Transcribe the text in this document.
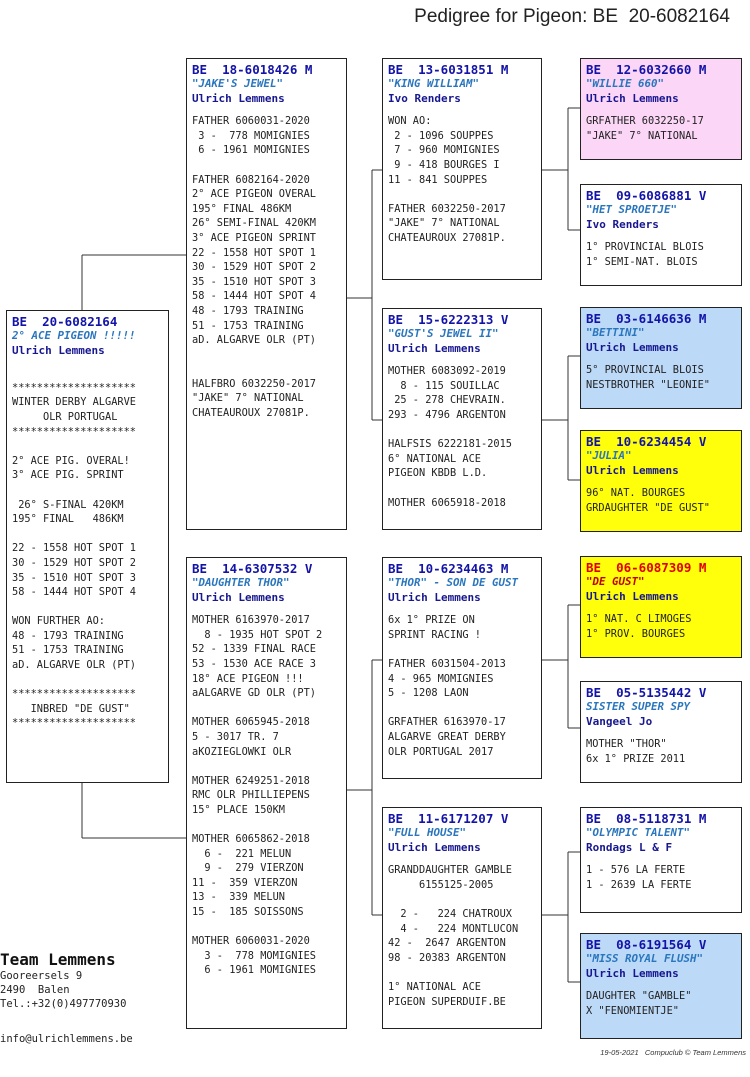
Pedigree for Pigeon: BE  20-6082164
BE  20-6082164
2° ACE PIGEON !!!!!
Ulrich Lemmens

********************
WINTER DERBY ALGARVE
OLR PORTUGAL
********************

2° ACE PIG. OVERAL!
3° ACE PIG. SPRINT

26° S-FINAL 420KM
195° FINAL   486KM

22 - 1558 HOT SPOT 1
30 - 1529 HOT SPOT 2
35 - 1510 HOT SPOT 3
58 - 1444 HOT SPOT 4

WON FURTHER AO:
48 - 1793 TRAINING
51 - 1753 TRAINING
aD. ALGARVE OLR (PT)

********************
INBRED "DE GUST"
********************
BE  18-6018426 M
"JAKE'S JEWEL"
Ulrich Lemmens
FATHER 6060031-2020
3 -  778 MOMIGNIES
6 - 1961 MOMIGNIES

FATHER 6082164-2020
2° ACE PIGEON OVERAL
195° FINAL 486KM
26° SEMI-FINAL 420KM
3° ACE PIGEON SPRINT
22 - 1558 HOT SPOT 1
30 - 1529 HOT SPOT 2
35 - 1510 HOT SPOT 3
58 - 1444 HOT SPOT 4
48 - 1793 TRAINING
51 - 1753 TRAINING
aD. ALGARVE OLR (PT)

HALFBRO 6032250-2017
"JAKE" 7° NATIONAL
CHATEAUROUX 27081P.
BE  14-6307532 V
"DAUGHTER THOR"
Ulrich Lemmens
MOTHER 6163970-2017
8 - 1935 HOT SPOT 2
52 - 1339 FINAL RACE
53 - 1530 ACE RACE 3
18° ACE PIGEON !!!
aALGARVE GD OLR (PT)

MOTHER 6065945-2018
5 - 3017 TR. 7
aKOZIEGLOWKI OLR

MOTHER 6249251-2018
RMC OLR PHILLIEPENS
15° PLACE 150KM

MOTHER 6065862-2018
6 -  221 MELUN
9 -  279 VIERZON
11 -  359 VIERZON
13 -  339 MELUN
15 -  185 SOISSONS

MOTHER 6060031-2020
3 -  778 MOMIGNIES
6 - 1961 MOMIGNIES
BE  13-6031851 M
"KING WILLIAM"
Ivo Renders
WON AO:
2 - 1096 SOUPPES
7 - 960 MOMIGNIES
9 - 418 BOURGES I
11 - 841 SOUPPES

FATHER 6032250-2017
"JAKE" 7° NATIONAL
CHATEAUROUX 27081P.
BE  15-6222313 V
"GUST'S JEWEL II"
Ulrich Lemmens
MOTHER 6083092-2019
8 - 115 SOUILLAC
25 - 278 CHEVRAIN.
293 - 4796 ARGENTON

HALFSIS 6222181-2015
6° NATIONAL ACE
PIGEON KBDB L.D.

MOTHER 6065918-2018
BE  10-6234463 M
"THOR" - SON DE GUST
Ulrich Lemmens
6x 1° PRIZE ON
SPRINT RACING !

FATHER 6031504-2013
4 - 965 MOMIGNIES
5 - 1208 LAON

GRFATHER 6163970-17
ALGARVE GREAT DERBY
OLR PORTUGAL 2017
BE  11-6171207 V
"FULL HOUSE"
Ulrich Lemmens
GRANDDAUGHTER GAMBLE
6155125-2005

2 -   224 CHATROUX
4 -   224 MONTLUCON
42 -  2647 ARGENTON
98 - 20383 ARGENTON

1° NATIONAL ACE
PIGEON SUPERDUIF.BE
BE  12-6032660 M
"WILLIE 660"
Ulrich Lemmens
GRFATHER 6032250-17
"JAKE" 7° NATIONAL
BE  09-6086881 V
"HET SPROETJE"
Ivo Renders
1° PROVINCIAL BLOIS
1° SEMI-NAT. BLOIS
BE  03-6146636 M
"BETTINI"
Ulrich Lemmens
5° PROVINCIAL BLOIS
NESTBROTHER "LEONIE"
BE  10-6234454 V
"JULIA"
Ulrich Lemmens
96° NAT. BOURGES
GRDAUGHTER "DE GUST"
BE  06-6087309 M
"DE GUST"
Ulrich Lemmens
1° NAT. C LIMOGES
1° PROV. BOURGES
BE  05-5135442 V
SISTER SUPER SPY
Vangeel Jo
MOTHER "THOR"
6x 1° PRIZE 2011
BE  08-5118731 M
"OLYMPIC TALENT"
Rondags L & F
1 - 576 LA FERTE
1 - 2639 LA FERTE
BE  08-6191564 V
"MISS ROYAL FLUSH"
Ulrich Lemmens
DAUGHTER "GAMBLE"
X "FENOMIENTJE"
Team Lemmens
Gooreersels 9
2490  Balen
Tel.:+32(0)497770930
info@ulrichlemmens.be
19-05-2021   Compuclub © Team Lemmens
